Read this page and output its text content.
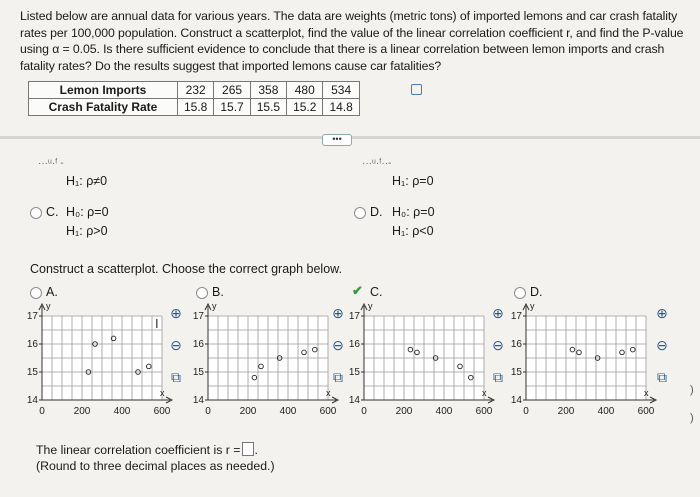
Listed below are annual data for various years. The data are weights (metric tons) of imported lemons and car crash fatality rates per 100,000 population. Construct a scatterplot, find the value of the linear correlation coefficient r, and find the P-value using α = 0.05. Is there sufficient evidence to conclude that there is a linear correlation between lemon imports and crash fatality rates? Do the results suggest that imported lemons cause car fatalities?
Lemon Imports	232	265	358	480	534
Crash Fatality Rate	15.8	15.7	15.5	15.2	14.8
•••
···ᵘ·ᶠ -
H₁: ρ≠0
···ᵘ·ᶠ··-
H₁: ρ=0
C. H₀: ρ=0
H₁: ρ>0
D. H₀: ρ=0
H₁: ρ<0
Construct a scatterplot. Choose the correct graph below.
A.	B.	✔ C.	D.
y
x
0	200 400 600
14
15
16
17
y
x
0	200 400 600
14
15
16
17
y
x
0	200 400 600
14
15
16
17
y
x
0	200 400 600
14
15
16
17
⊕
⊖
⧉
⊕
⊖
⧉
⊕
⊖
⧉
⊕
⊖
⧉
I
)
)
The linear correlation coefficient is r = .
(Round to three decimal places as needed.)
